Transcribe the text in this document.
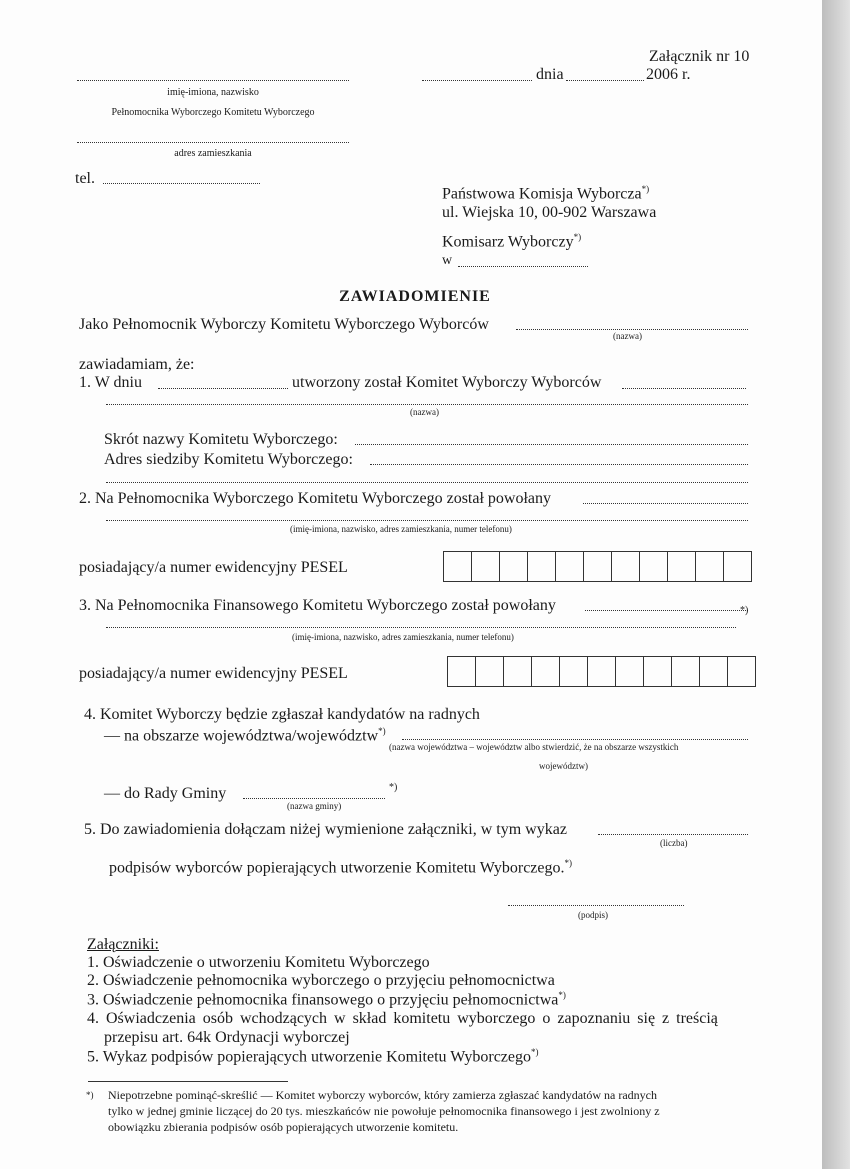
Załącznik nr 10
imię-imiona, nazwisko
Pełnomocnika Wyborczego Komitetu Wyborczego
dnia	2006 r.
adres zamieszkania
tel.
Państwowa Komisja Wyborcza*)
ul. Wiejska 10, 00-902 Warszawa
Komisarz Wyborczy*)
w
ZAWIADOMIENIE
Jako Pełnomocnik Wyborczy Komitetu Wyborczego Wyborców
(nazwa)
zawiadamiam, że:
1. W dniu	utworzony został Komitet Wyborczy Wyborców
(nazwa)
Skrót nazwy Komitetu Wyborczego:
Adres siedziby Komitetu Wyborczego:
2. Na Pełnomocnika Wyborczego Komitetu Wyborczego został powołany
(imię-imiona, nazwisko, adres zamieszkania, numer telefonu)
posiadający/a numer ewidencyjny PESEL
3. Na Pełnomocnika Finansowego Komitetu Wyborczego został powołany	*)
(imię-imiona, nazwisko, adres zamieszkania, numer telefonu)
posiadający/a numer ewidencyjny PESEL
4. Komitet Wyborczy będzie zgłaszał kandydatów na radnych
— na obszarze województwa/województw*)
(nazwa województwa – województw albo stwierdzić, że na obszarze wszystkich
województw)
— do Rady Gminy	*)
(nazwa gminy)
5. Do zawiadomienia dołączam niżej wymienione załączniki, w tym wykaz
(liczba)
podpisów wyborców popierających utworzenie Komitetu Wyborczego.*)
(podpis)
Załączniki:
1. Oświadczenie o utworzeniu Komitetu Wyborczego
2. Oświadczenie pełnomocnika wyborczego o przyjęciu pełnomocnictwa
3. Oświadczenie pełnomocnika finansowego o przyjęciu pełnomocnictwa*)
4. Oświadczenia osób wchodzących w skład komitetu wyborczego o zapoznaniu się z treścią
przepisu art. 64k Ordynacji wyborczej
5. Wykaz podpisów popierających utworzenie Komitetu Wyborczego*)
*) Niepotrzebne pominąć-skreślić — Komitet wyborczy wyborców, który zamierza zgłaszać kandydatów na radnych
tylko w jednej gminie liczącej do 20 tys. mieszkańców nie powołuje pełnomocnika finansowego i jest zwolniony z
obowiązku zbierania podpisów osób popierających utworzenie komitetu.
